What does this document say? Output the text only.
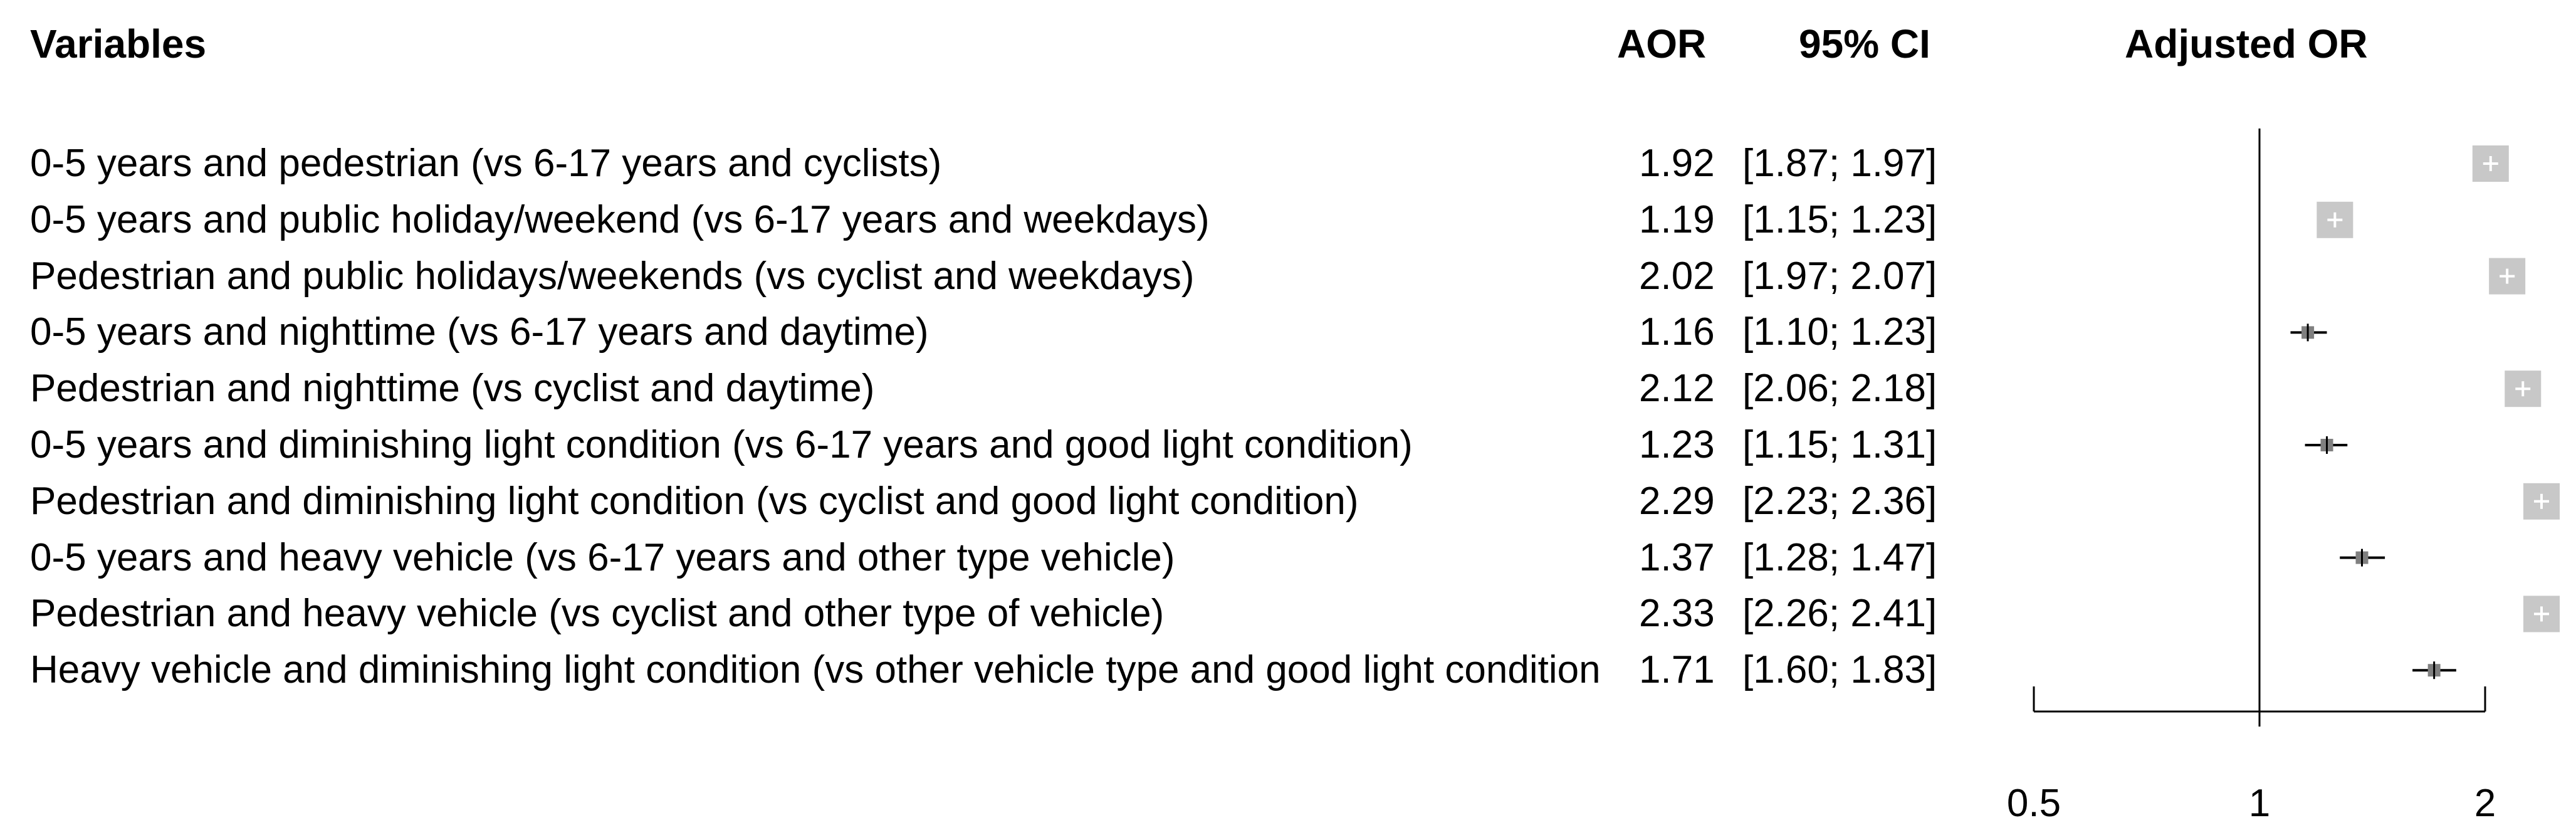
Variables	AOR 95% CI	Adjusted OR
0-5 years and pedestrian (vs 6-17 years and cyclists)	1.92 [1.87; 1.97]
0-5 years and public holiday/weekend (vs 6-17 years and weekdays)	1.19 [1.15; 1.23]
Pedestrian and public holidays/weekends (vs cyclist and weekdays)	2.02 [1.97; 2.07]
0-5 years and nighttime (vs 6-17 years and daytime)	1.16 [1.10; 1.23]
Pedestrian and nighttime (vs cyclist and daytime)	2.12 [2.06; 2.18]
0-5 years and diminishing light condition (vs 6-17 years and good light condition)	1.23 [1.15; 1.31]
Pedestrian and diminishing light condition (vs cyclist and good light condition)	2.29 [2.23; 2.36]
0-5 years and heavy vehicle (vs 6-17 years and other type vehicle)	1.37 [1.28; 1.47]
Pedestrian and heavy vehicle (vs cyclist and other type of vehicle)	2.33 [2.26; 2.41]
Heavy vehicle and diminishing light condition (vs other vehicle type and good light condition 1.71 [1.60; 1.83]
0.5	1	2
